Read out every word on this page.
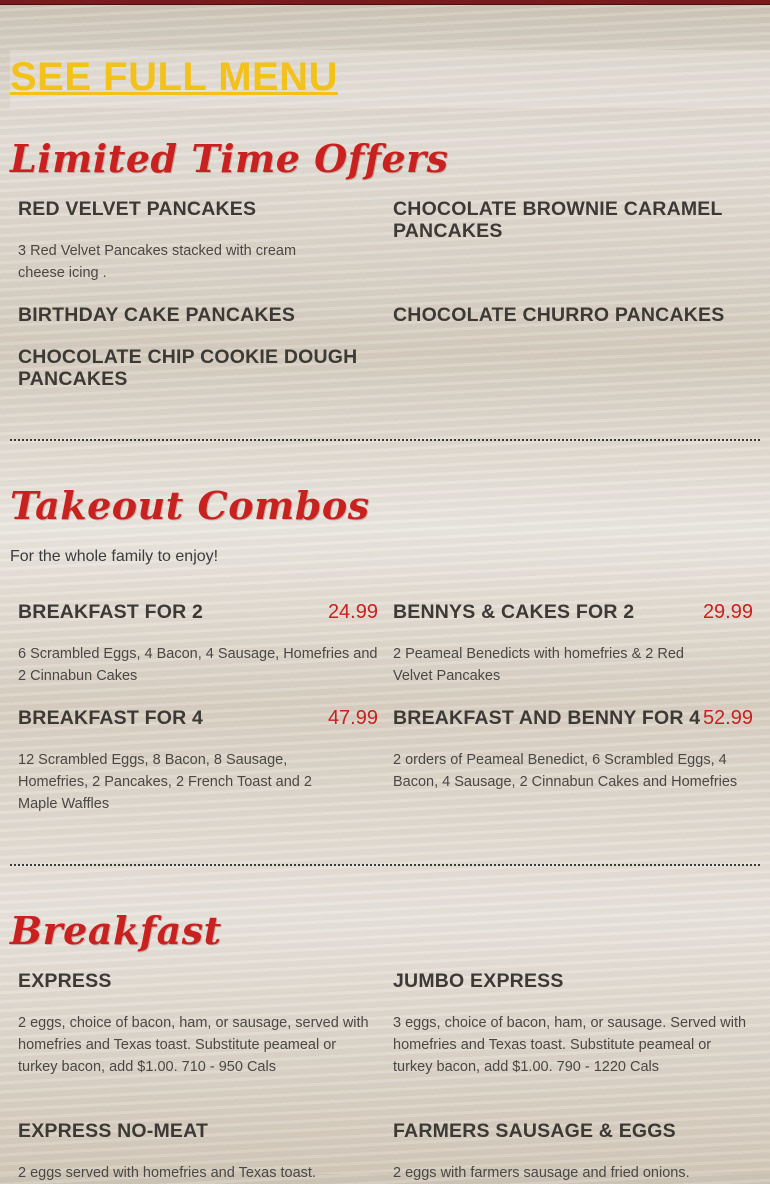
SEE FULL MENU
Limited Time Offers
RED VELVET PANCAKES
3 Red Velvet Pancakes stacked with cream cheese icing .
CHOCOLATE BROWNIE CARAMEL PANCAKES
BIRTHDAY CAKE PANCAKES	CHOCOLATE CHURRO PANCAKES
CHOCOLATE CHIP COOKIE DOUGH PANCAKES
Takeout Combos
For the whole family to enjoy!
BREAKFAST FOR 2	24.99
6 Scrambled Eggs, 4 Bacon, 4 Sausage, Homefries and 2 Cinnabun Cakes
BENNYS & CAKES FOR 2	29.99
2 Peameal Benedicts with homefries & 2 Red Velvet Pancakes
BREAKFAST FOR 4	47.99
12 Scrambled Eggs, 8 Bacon, 8 Sausage, Homefries, 2 Pancakes, 2 French Toast and 2 Maple Waffles
BREAKFAST AND BENNY FOR 4 52.99
2 orders of Peameal Benedict, 6 Scrambled Eggs, 4 Bacon, 4 Sausage, 2 Cinnabun Cakes and Homefries
Breakfast
EXPRESS
2 eggs, choice of bacon, ham, or sausage, served with homefries and Texas toast. Substitute peameal or turkey bacon, add $1.00. 710 - 950 Cals
JUMBO EXPRESS
3 eggs, choice of bacon, ham, or sausage. Served with homefries and Texas toast. Substitute peameal or turkey bacon, add $1.00. 790 - 1220 Cals
EXPRESS NO-MEAT
2 eggs served with homefries and Texas toast.
FARMERS SAUSAGE & EGGS
2 eggs with farmers sausage and fried onions.
